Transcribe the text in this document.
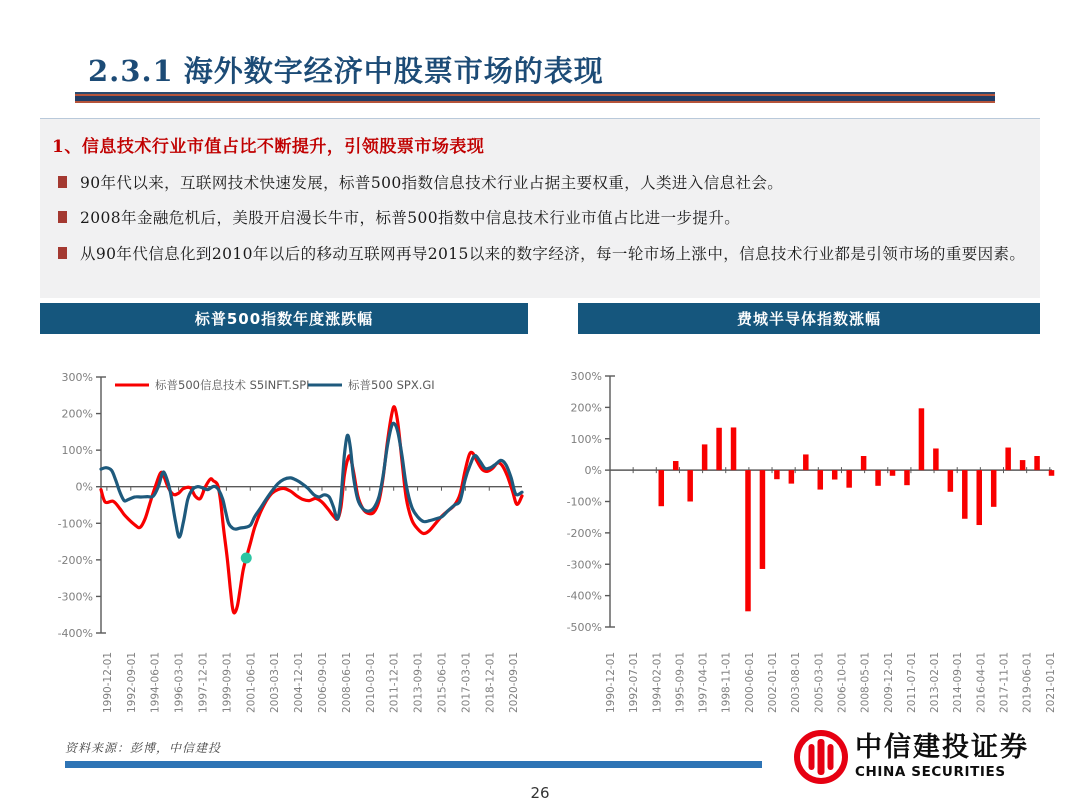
2.3.1 海外数字经济中股票市场的表现
1、信息技术行业市值占比不断提升，引领股票市场表现
90年代以来，互联网技术快速发展，标普500指数信息技术行业占据主要权重，人类进入信息社会。
2008年金融危机后，美股开启漫长牛市，标普500指数中信息技术行业市值占比进一步提升。
从90年代信息化到2010年以后的移动互联网再导2015以来的数字经济，每一轮市场上涨中，信息技术行业都是引领市场的重要因素。
标普500指数年度涨跌幅	费城半导体指数涨幅
300%
200%
100%
0%
-100%
-200%
-300%
-400%
1990-12-01 1992-09-01 1994-06-01 1996-03-01 1997-12-01 1999-09-01 2001-06-01 2003-03-01 2004-12-01 2006-09-01 2008-06-01 2010-03-01 2011-12-01 2013-09-01 2015-06-01 2017-03-01 2018-12-01 2020-09-01
标普500信息技术 S5INFT.SPI	标普500 SPX.GI
300%
200%
100%
0%
-100%
-200%
-300%
-400%
-500%
1990-12-01 1992-07-01 1994-02-01 1995-09-01 1997-04-01 1998-11-01 2000-06-01 2002-01-01 2003-08-01 2005-03-01 2006-10-01 2008-05-01 2009-12-01 2011-07-01 2013-02-01 2014-09-01 2016-04-01 2017-11-01 2019-06-01 2021-01-01
资料来源：彭博，中信建投	中信建投证券
CHINA SECURITIES
26
